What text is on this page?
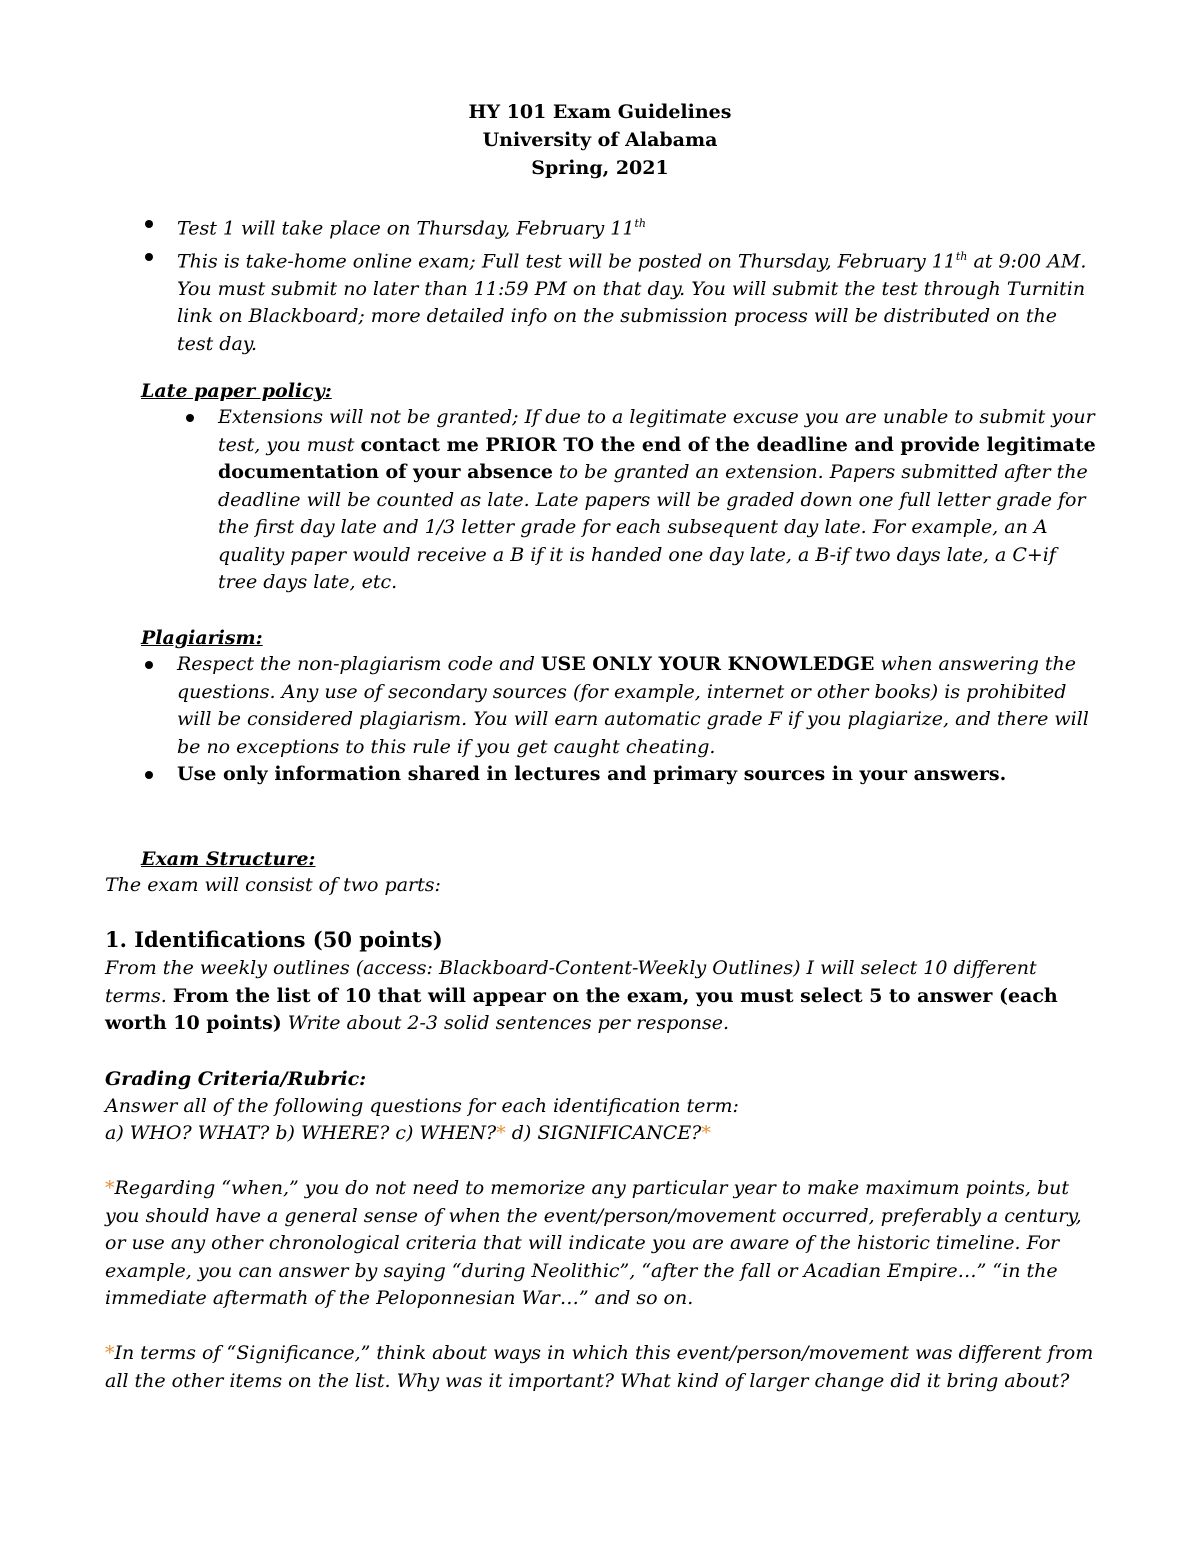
HY 101 Exam Guidelines
University of Alabama
Spring, 2021
Test 1 will take place on Thursday, February 11th
This is take-home online exam; Full test will be posted on Thursday, February 11th at 9:00 AM. You must submit no later than 11:59 PM on that day. You will submit the test through Turnitin link on Blackboard; more detailed info on the submission process will be distributed on the test day.
Late paper policy:
Extensions will not be granted; If due to a legitimate excuse you are unable to submit your test, you must contact me PRIOR TO the end of the deadline and provide legitimate documentation of your absence to be granted an extension. Papers submitted after the deadline will be counted as late. Late papers will be graded down one full letter grade for the first day late and 1/3 letter grade for each subsequent day late. For example, an A quality paper would receive a B if it is handed one day late, a B-if two days late, a C+if tree days late, etc.
Plagiarism:
Respect the non-plagiarism code and USE ONLY YOUR KNOWLEDGE when answering the questions. Any use of secondary sources (for example, internet or other books) is prohibited will be considered plagiarism. You will earn automatic grade F if you plagiarize, and there will be no exceptions to this rule if you get caught cheating.
Use only information shared in lectures and primary sources in your answers.
Exam Structure:
The exam will consist of two parts:
1. Identifications (50 points)
From the weekly outlines (access: Blackboard-Content-Weekly Outlines) I will select 10 different terms. From the list of 10 that will appear on the exam, you must select 5 to answer (each worth 10 points) Write about 2-3 solid sentences per response.
Grading Criteria/Rubric:
Answer all of the following questions for each identification term:
a) WHO? WHAT? b) WHERE? c) WHEN?* d) SIGNIFICANCE?*
*Regarding “when,” you do not need to memorize any particular year to make maximum points, but you should have a general sense of when the event/person/movement occurred, preferably a century, or use any other chronological criteria that will indicate you are aware of the historic timeline. For example, you can answer by saying “during Neolithic”, “after the fall or Acadian Empire…” “in the immediate aftermath of the Peloponnesian War…” and so on.
*In terms of “Significance,” think about ways in which this event/person/movement was different from all the other items on the list. Why was it important? What kind of larger change did it bring about?
